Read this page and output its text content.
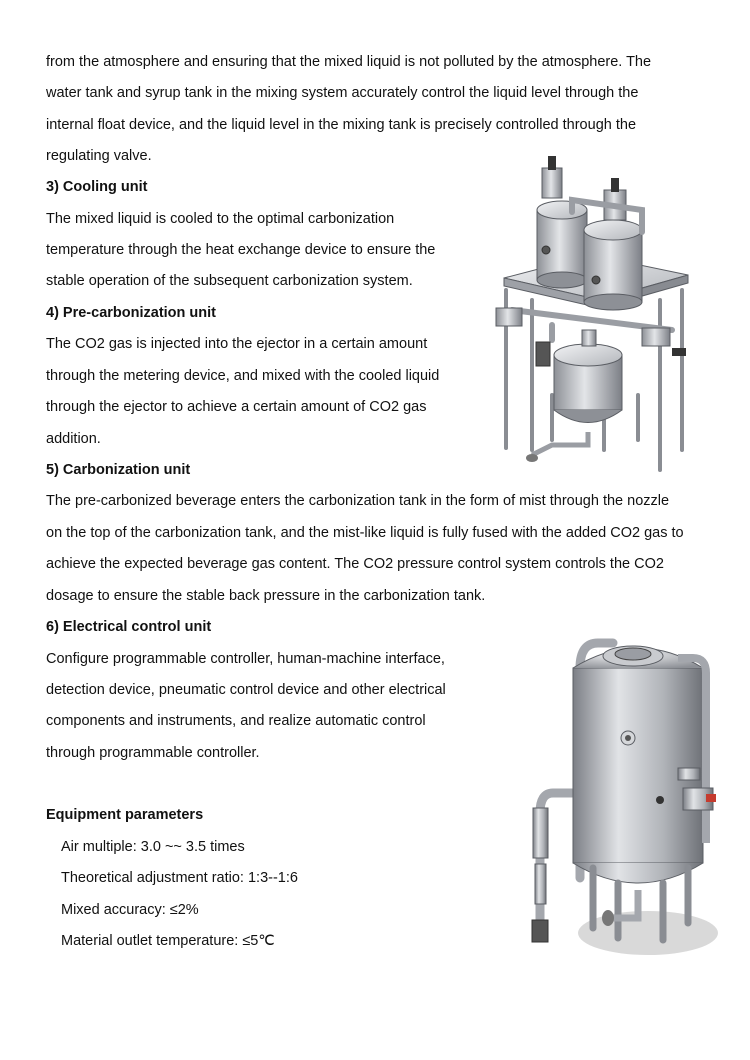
from the atmosphere and ensuring that the mixed liquid is not polluted by the atmosphere. The
water tank and syrup tank in the mixing system accurately control the liquid level through the
internal float device, and the liquid level in the mixing tank is precisely controlled through the
regulating valve.
3) Cooling unit
The mixed liquid is cooled to the optimal carbonization
temperature through the heat exchange device to ensure the
stable operation of the subsequent carbonization system.
4) Pre-carbonization unit
The CO2 gas is injected into the ejector in a certain amount
through the metering device, and mixed with the cooled liquid
through the ejector to achieve a certain amount of CO2 gas
addition.
5) Carbonization unit
The pre-carbonized beverage enters the carbonization tank in the form of mist through the nozzle
on the top of the carbonization tank, and the mist-like liquid is fully fused with the added CO2 gas to
achieve the expected beverage gas content. The CO2 pressure control system controls the CO2
dosage to ensure the stable back pressure in the carbonization tank.
6) Electrical control unit
Configure programmable controller, human-machine interface,
detection device, pneumatic control device and other electrical
components and instruments, and realize automatic control
through programmable controller.
Equipment parameters
Air multiple: 3.0 ~~ 3.5 times
Theoretical adjustment ratio: 1:3--1:6
Mixed accuracy: ≤2%
Material outlet temperature: ≤5℃
